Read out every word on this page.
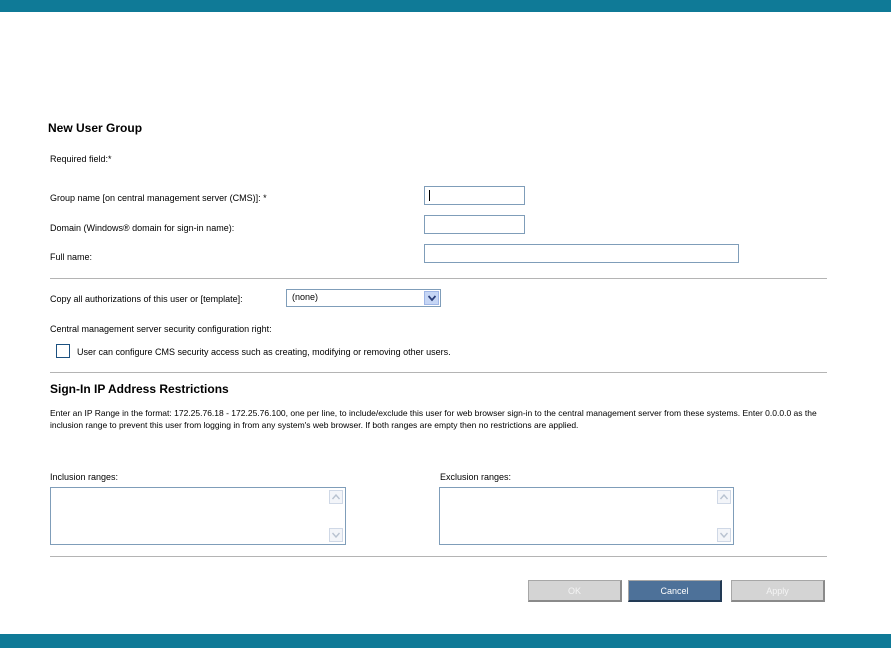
New User Group
Required field:*
Group name [on central management server (CMS)]: *
Domain (Windows® domain for sign-in name):
Full name:
Copy all authorizations of this user or [template]:	(none)
Central management server security configuration right:
User can configure CMS security access such as creating, modifying or removing other users.
Sign-In IP Address Restrictions
Enter an IP Range in the format: 172.25.76.18 - 172.25.76.100, one per line, to include/exclude this user for web browser sign-in to the central management server from these systems. Enter 0.0.0.0 as the inclusion range to prevent this user from logging in from any system's web browser. If both ranges are empty then no restrictions are applied.
Inclusion ranges:	Exclusion ranges:
OK	Cancel	Apply
